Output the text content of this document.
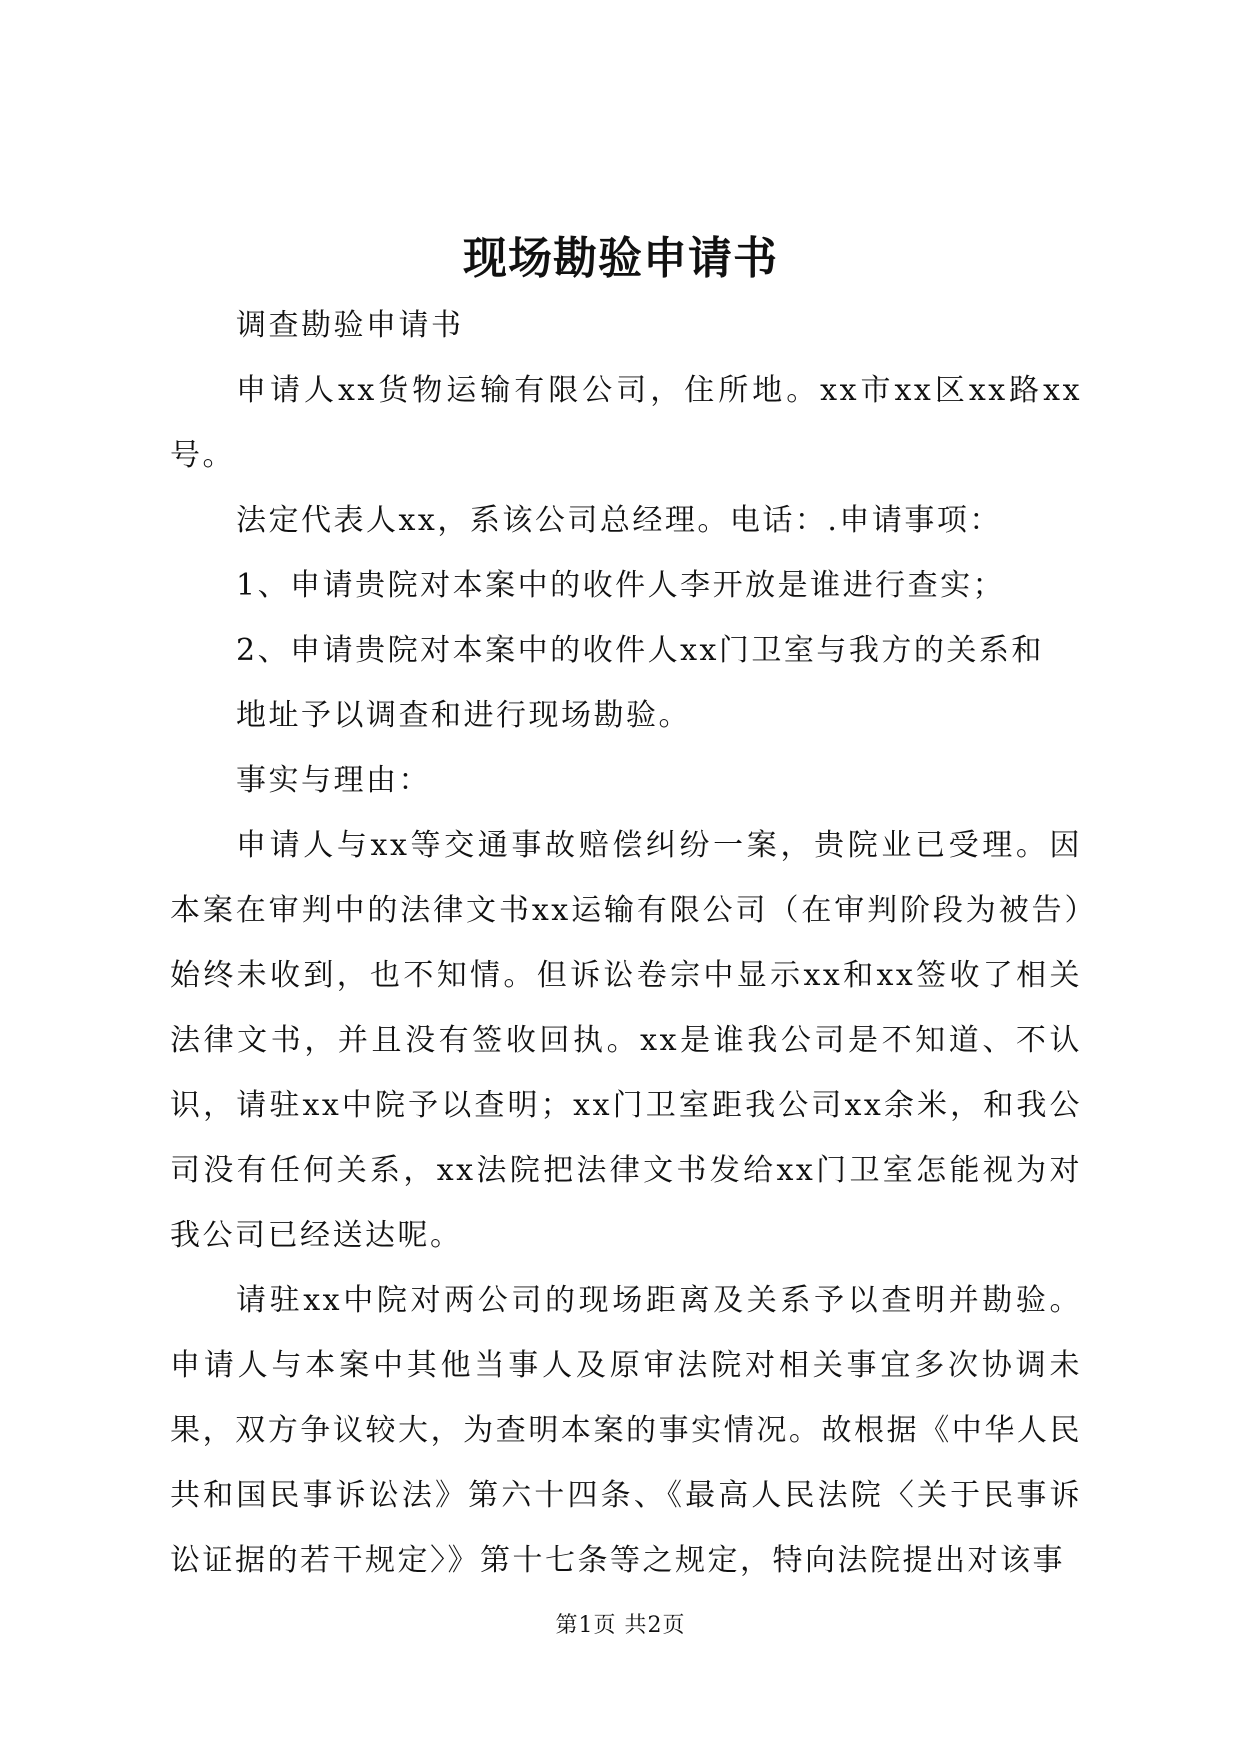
现场勘验申请书

调查勘验申请书

申请人xx货物运输有限公司，住所地。xx市xx区xx路xx号。

法定代表人xx，系该公司总经理。电话：.申请事项：

1、申请贵院对本案中的收件人李开放是谁进行查实；

2、申请贵院对本案中的收件人xx门卫室与我方的关系和

地址予以调查和进行现场勘验。

事实与理由：

申请人与xx等交通事故赔偿纠纷一案，贵院业已受理。因本案在审判中的法律文书xx运输有限公司（在审判阶段为被告）始终未收到，也不知情。但诉讼卷宗中显示xx和xx签收了相关法律文书，并且没有签收回执。xx是谁我公司是不知道、不认识，请驻xx中院予以查明；xx门卫室距我公司xx余米，和我公司没有任何关系，xx法院把法律文书发给xx门卫室怎能视为对我公司已经送达呢。

请驻xx中院对两公司的现场距离及关系予以查明并勘验。申请人与本案中其他当事人及原审法院对相关事宜多次协调未果，双方争议较大，为查明本案的事实情况。故根据《中华人民共和国民事诉讼法》第六十四条、《最高人民法院〈关于民事诉讼证据的若干规定〉》第十七条等之规定，特向法院提出对该事

第1页 共2页
